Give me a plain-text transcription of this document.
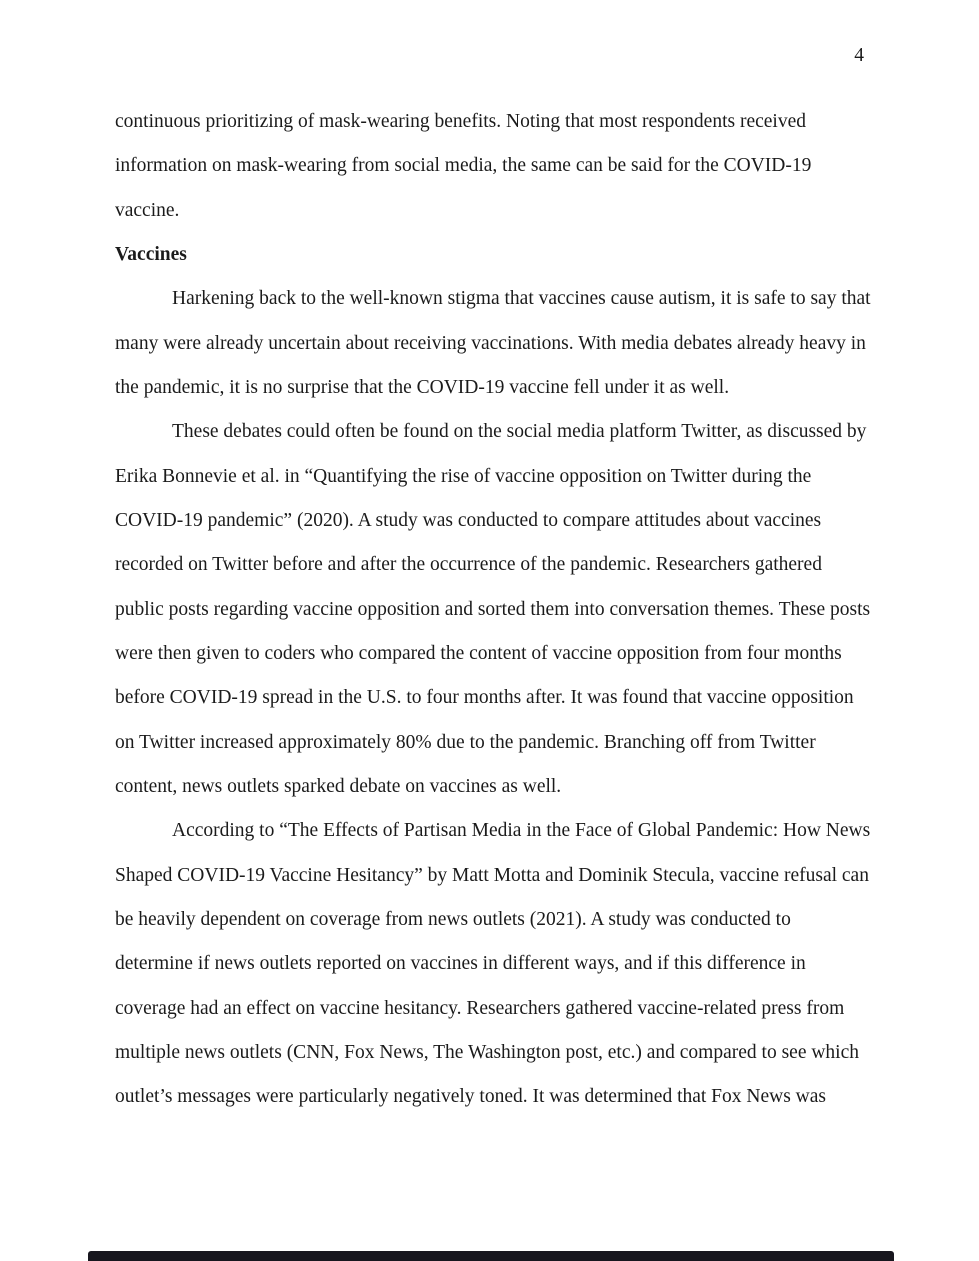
4
continuous prioritizing of mask-wearing benefits. Noting that most respondents received
information on mask-wearing from social media, the same can be said for the COVID-19
vaccine.
Vaccines
Harkening back to the well-known stigma that vaccines cause autism, it is safe to say that
many were already uncertain about receiving vaccinations. With media debates already heavy in
the pandemic, it is no surprise that the COVID-19 vaccine fell under it as well.
These debates could often be found on the social media platform Twitter, as discussed by
Erika Bonnevie et al. in “Quantifying the rise of vaccine opposition on Twitter during the
COVID-19 pandemic” (2020). A study was conducted to compare attitudes about vaccines
recorded on Twitter before and after the occurrence of the pandemic. Researchers gathered
public posts regarding vaccine opposition and sorted them into conversation themes. These posts
were then given to coders who compared the content of vaccine opposition from four months
before COVID-19 spread in the U.S. to four months after. It was found that vaccine opposition
on Twitter increased approximately 80% due to the pandemic. Branching off from Twitter
content, news outlets sparked debate on vaccines as well.
According to “The Effects of Partisan Media in the Face of Global Pandemic: How News
Shaped COVID-19 Vaccine Hesitancy” by Matt Motta and Dominik Stecula, vaccine refusal can
be heavily dependent on coverage from news outlets (2021). A study was conducted to
determine if news outlets reported on vaccines in different ways, and if this difference in
coverage had an effect on vaccine hesitancy. Researchers gathered vaccine-related press from
multiple news outlets (CNN, Fox News, The Washington post, etc.) and compared to see which
outlet’s messages were particularly negatively toned. It was determined that Fox News was
